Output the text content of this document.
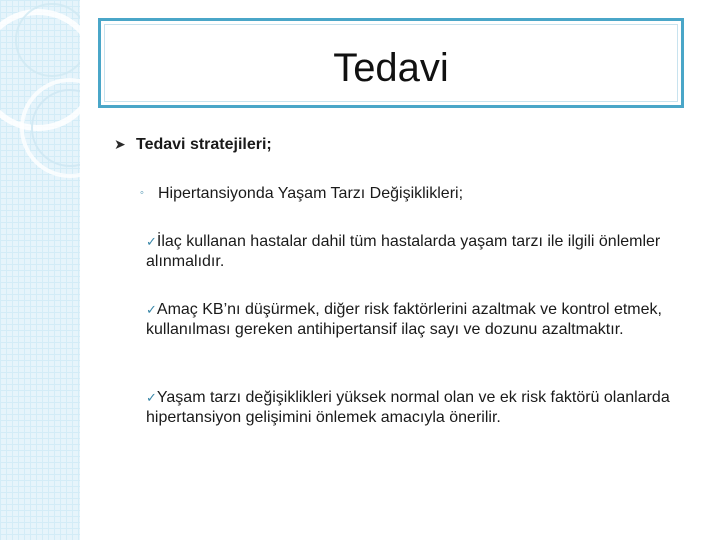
Tedavi
➤ Tedavi stratejileri;
◦ Hipertansiyonda Yaşam Tarzı Değişiklikleri;
✓İlaç kullanan hastalar dahil tüm hastalarda yaşam tarzı ile ilgili önlemler alınmalıdır.
✓Amaç KB’nı düşürmek, diğer risk faktörlerini azaltmak ve kontrol etmek, kullanılması gereken antihipertansif ilaç sayı ve dozunu azaltmaktır.
✓Yaşam tarzı değişiklikleri yüksek normal olan ve ek risk faktörü olanlarda hipertansiyon gelişimini önlemek amacıyla önerilir.
